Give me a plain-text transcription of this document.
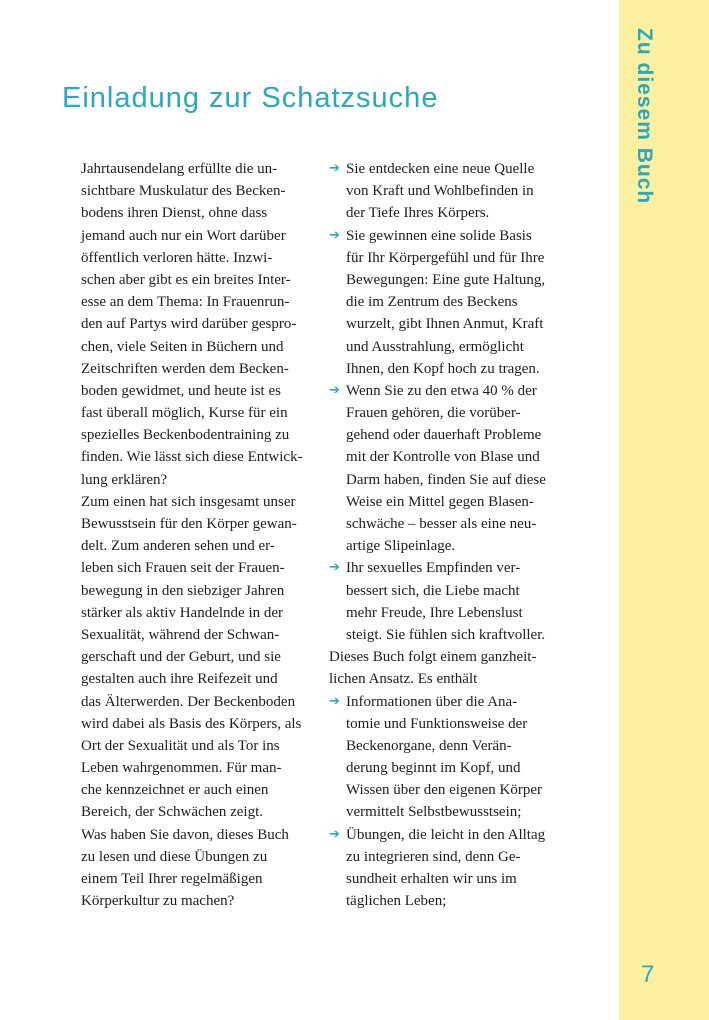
Einladung zur Schatzsuche
Jahrtausendelang erfüllte die un-
sichtbare Muskulatur des Becken-
bodens ihren Dienst, ohne dass
jemand auch nur ein Wort darüber
öffentlich verloren hätte. Inzwi-
schen aber gibt es ein breites Inter-
esse an dem Thema: In Frauenrun-
den auf Partys wird darüber gespro-
chen, viele Seiten in Büchern und
Zeitschriften werden dem Becken-
boden gewidmet, und heute ist es
fast überall möglich, Kurse für ein
spezielles Beckenbodentraining zu
finden. Wie lässt sich diese Entwick-
lung erklären?
Zum einen hat sich insgesamt unser
Bewusstsein für den Körper gewan-
delt. Zum anderen sehen und er-
leben sich Frauen seit der Frauen-
bewegung in den siebziger Jahren
stärker als aktiv Handelnde in der
Sexualität, während der Schwan-
gerschaft und der Geburt, und sie
gestalten auch ihre Reifezeit und
das Älterwerden. Der Beckenboden
wird dabei als Basis des Körpers, als
Ort der Sexualität und als Tor ins
Leben wahrgenommen. Für man-
che kennzeichnet er auch einen
Bereich, der Schwächen zeigt.
Was haben Sie davon, dieses Buch
zu lesen und diese Übungen zu
einem Teil Ihrer regelmäßigen
Körperkultur zu machen?
➔ Sie entdecken eine neue Quelle
von Kraft und Wohlbefinden in
der Tiefe Ihres Körpers.
➔ Sie gewinnen eine solide Basis
für Ihr Körpergefühl und für Ihre
Bewegungen: Eine gute Haltung,
die im Zentrum des Beckens
wurzelt, gibt Ihnen Anmut, Kraft
und Ausstrahlung, ermöglicht
Ihnen, den Kopf hoch zu tragen.
➔ Wenn Sie zu den etwa 40 % der
Frauen gehören, die vorüber-
gehend oder dauerhaft Probleme
mit der Kontrolle von Blase und
Darm haben, finden Sie auf diese
Weise ein Mittel gegen Blasen-
schwäche – besser als eine neu-
artige Slipeinlage.
➔ Ihr sexuelles Empfinden ver-
bessert sich, die Liebe macht
mehr Freude, Ihre Lebenslust
steigt. Sie fühlen sich kraftvoller.
Dieses Buch folgt einem ganzheit-
lichen Ansatz. Es enthält
➔ Informationen über die Ana-
tomie und Funktionsweise der
Beckenorgane, denn Verän-
derung beginnt im Kopf, und
Wissen über den eigenen Körper
vermittelt Selbstbewusstsein;
➔ Übungen, die leicht in den Alltag
zu integrieren sind, denn Ge-
sundheit erhalten wir uns im
täglichen Leben;
Zu diesem Buch
7
